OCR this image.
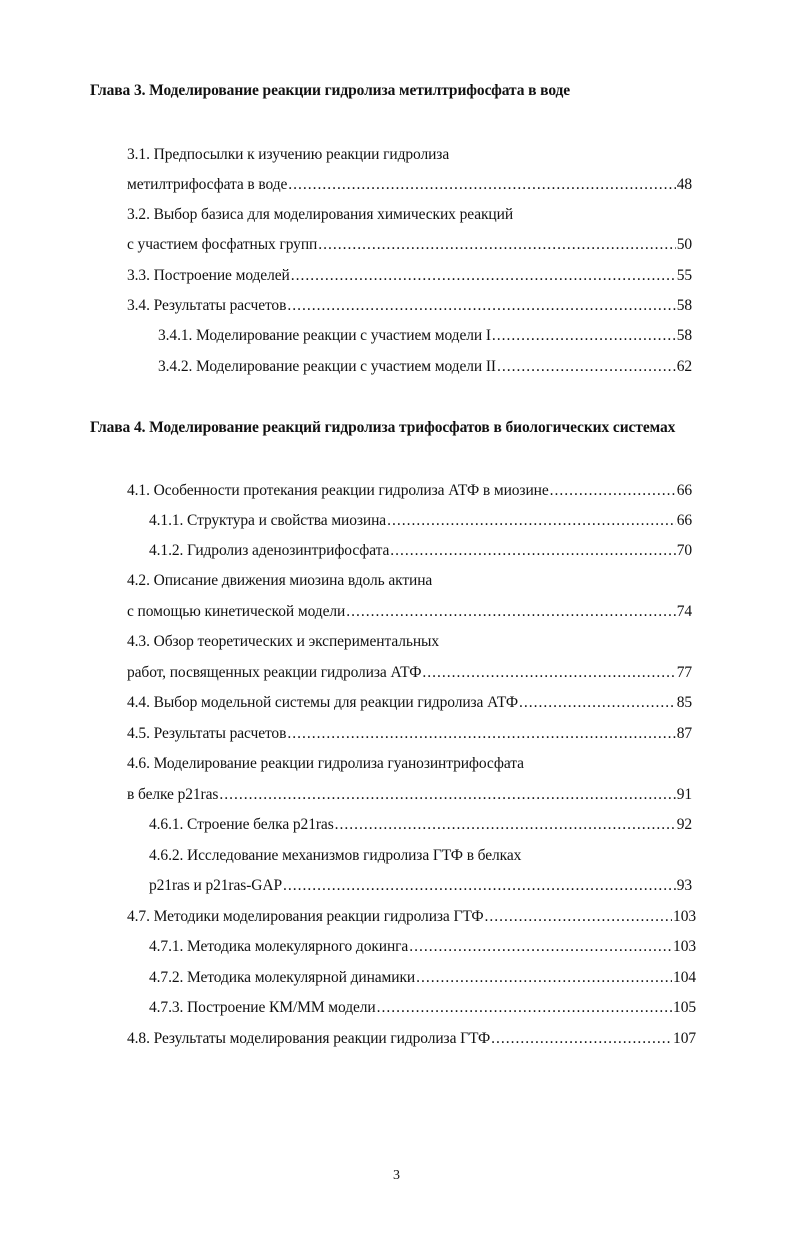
Глава 3. Моделирование реакции гидролиза метилтрифосфата в воде
3.1. Предпосылки к изучению реакции гидролиза
метилтрифосфата в воде .....	48
3.2. Выбор базиса для моделирования химических реакций
с участием фосфатных групп .....	50
3.3. Построение моделей .....	55
3.4. Результаты расчетов .....	58
3.4.1. Моделирование реакции с участием модели I .....	58
3.4.2. Моделирование реакции с участием модели II .....	62
Глава 4. Моделирование реакций гидролиза трифосфатов в биологических системах
4.1. Особенности протекания реакции гидролиза АТФ в миозине .....	66
4.1.1. Структура и свойства миозина .....	66
4.1.2. Гидролиз аденозинтрифосфата .....	70
4.2. Описание движения миозина вдоль актина
с помощью кинетической модели .....	74
4.3. Обзор теоретических и экспериментальных
работ, посвященных реакции гидролиза АТФ .....	77
4.4. Выбор модельной системы для реакции гидролиза АТФ .....	85
4.5. Результаты расчетов .....	87
4.6. Моделирование реакции гидролиза гуанозинтрифосфата
в белке p21ras .....	91
4.6.1. Строение белка p21ras .....	92
4.6.2. Исследование механизмов гидролиза ГТФ в белках
p21ras и p21ras-GAP .....	93
4.7. Методики моделирования реакции гидролиза ГТФ .....	103
4.7.1. Методика молекулярного докинга .....	103
4.7.2. Методика молекулярной динамики .....	104
4.7.3. Построение КМ/ММ модели .....	105
4.8. Результаты моделирования реакции гидролиза ГТФ .....	107
3
